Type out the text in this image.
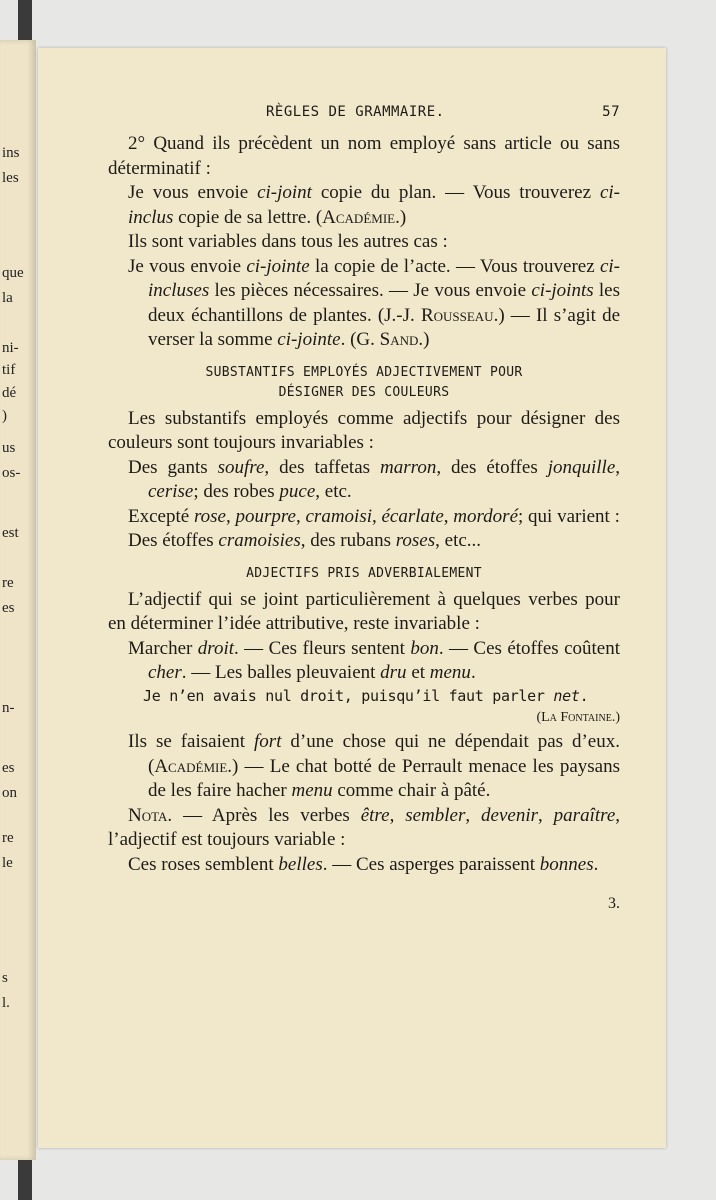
ins
les
que
la
ni-
tif
dé
)
us
os-
est
re
es
n-
es
on
re
le
s
l.
RÈGLES DE GRAMMAIRE.	57

2° Quand ils précèdent un nom employé sans article ou sans déterminatif :

Je vous envoie ci-joint copie du plan. — Vous trouverez ci-inclus copie de sa lettre. (Académie.)

Ils sont variables dans tous les autres cas :

Je vous envoie ci-jointe la copie de l’acte. — Vous trouverez ci-incluses les pièces nécessaires. — Je vous envoie ci-joints les deux échantillons de plantes. (J.-J. Rousseau.) — Il s’agit de verser la somme ci-jointe. (G. Sand.)

SUBSTANTIFS EMPLOYÉS ADJECTIVEMENT POUR
DÉSIGNER DES COULEURS

Les substantifs employés comme adjectifs pour désigner des couleurs sont toujours invariables :

Des gants soufre, des taffetas marron, des étoffes jonquille, cerise; des robes puce, etc.

Excepté rose, pourpre, cramoisi, écarlate, mordoré; qui varient :

Des étoffes cramoisies, des rubans roses, etc...

ADJECTIFS PRIS ADVERBIALEMENT

L’adjectif qui se joint particulièrement à quelques verbes pour en déterminer l’idée attributive, reste invariable :

Marcher droit. — Ces fleurs sentent bon. — Ces étoffes coûtent cher. — Les balles pleuvaient dru et menu.

Je n’en avais nul droit, puisqu’il faut parler net.

(La Fontaine.)

Ils se faisaient fort d’une chose qui ne dépendait pas d’eux. (Académie.) — Le chat botté de Perrault menace les paysans de les faire hacher menu comme chair à pâté.

Nota. — Après les verbes être, sembler, devenir, paraître, l’adjectif est toujours variable :

Ces roses semblent belles. — Ces asperges paraissent bonnes.

3.
